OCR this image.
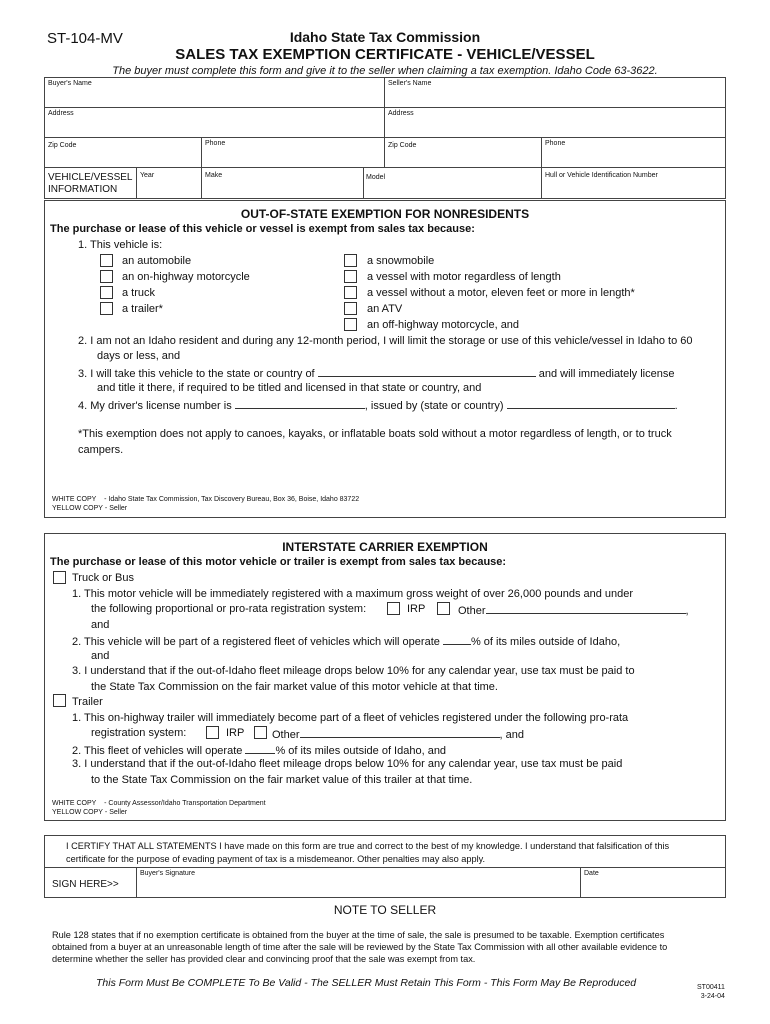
ST-104-MV	Idaho State Tax Commission
SALES TAX EXEMPTION CERTIFICATE - VEHICLE/VESSEL
The buyer must complete this form and give it to the seller when claiming a tax exemption. Idaho Code 63-3622.
Buyer's Name	Seller's Name
Address	Address
Zip Code	Phone	Zip Code	Phone
VEHICLE/VESSEL
INFORMATION
Year	Make	Model	Hull or Vehicle Identification Number
OUT-OF-STATE EXEMPTION FOR NONRESIDENTS
The purchase or lease of this vehicle or vessel is exempt from sales tax because:
1. This vehicle is:
an automobile
an on-highway motorcycle
a truck
a trailer*
a snowmobile
a vessel with motor regardless of length
a vessel without a motor, eleven feet or more in length*
an ATV
an off-highway motorcycle, and
2. I am not an Idaho resident and during any 12-month period, I will limit the storage or use of this vehicle/vessel in Idaho to 60
days or less, and
3. I will take this vehicle to the state or country of	and will immediately license
and title it there, if required to be titled and licensed in that state or country, and
4. My driver's license number is	, issued by (state or country)	.
*This exemption does not apply to canoes, kayaks, or inflatable boats sold without a motor regardless of length, or to truck
campers.
WHITE COPY - Idaho State Tax Commission, Tax Discovery Bureau, Box 36, Boise, Idaho 83722
YELLOW COPY - Seller
INTERSTATE CARRIER EXEMPTION
The purchase or lease of this motor vehicle or trailer is exempt from sales tax because:
Truck or Bus
1. This motor vehicle will be immediately registered with a maximum gross weight of over 26,000 pounds and under
the following proportional or pro-rata registration system:	IRP	Other	,
and
2. This vehicle will be part of a registered fleet of vehicles which will operate	% of its miles outside of Idaho,
and
3. I understand that if the out-of-Idaho fleet mileage drops below 10% for any calendar year, use tax must be paid to
the State Tax Commission on the fair market value of this motor vehicle at that time.
Trailer
1. This on-highway trailer will immediately become part of a fleet of vehicles registered under the following pro-rata
registration system:	IRP	Other	, and
2. This fleet of vehicles will operate	% of its miles outside of Idaho, and
3. I understand that if the out-of-Idaho fleet mileage drops below 10% for any calendar year, use tax must be paid
to the State Tax Commission on the fair market value of this trailer at that time.
WHITE COPY - County Assessor/Idaho Transportation Department
YELLOW COPY - Seller
I CERTIFY THAT ALL STATEMENTS I have made on this form are true and correct to the best of my knowledge. I understand that falsification of this
certificate for the purpose of evading payment of tax is a misdemeanor. Other penalties may also apply.
SIGN HERE>>
Buyer's Signature	Date
NOTE TO SELLER
Rule 128 states that if no exemption certificate is obtained from the buyer at the time of sale, the sale is presumed to be taxable. Exemption certificates
obtained from a buyer at an unreasonable length of time after the sale will be reviewed by the State Tax Commission with all other available evidence to
determine whether the seller has provided clear and convincing proof that the sale was exempt from tax.
This Form Must Be COMPLETE To Be Valid - The SELLER Must Retain This Form - This Form May Be Reproduced	ST00411
3-24-04
